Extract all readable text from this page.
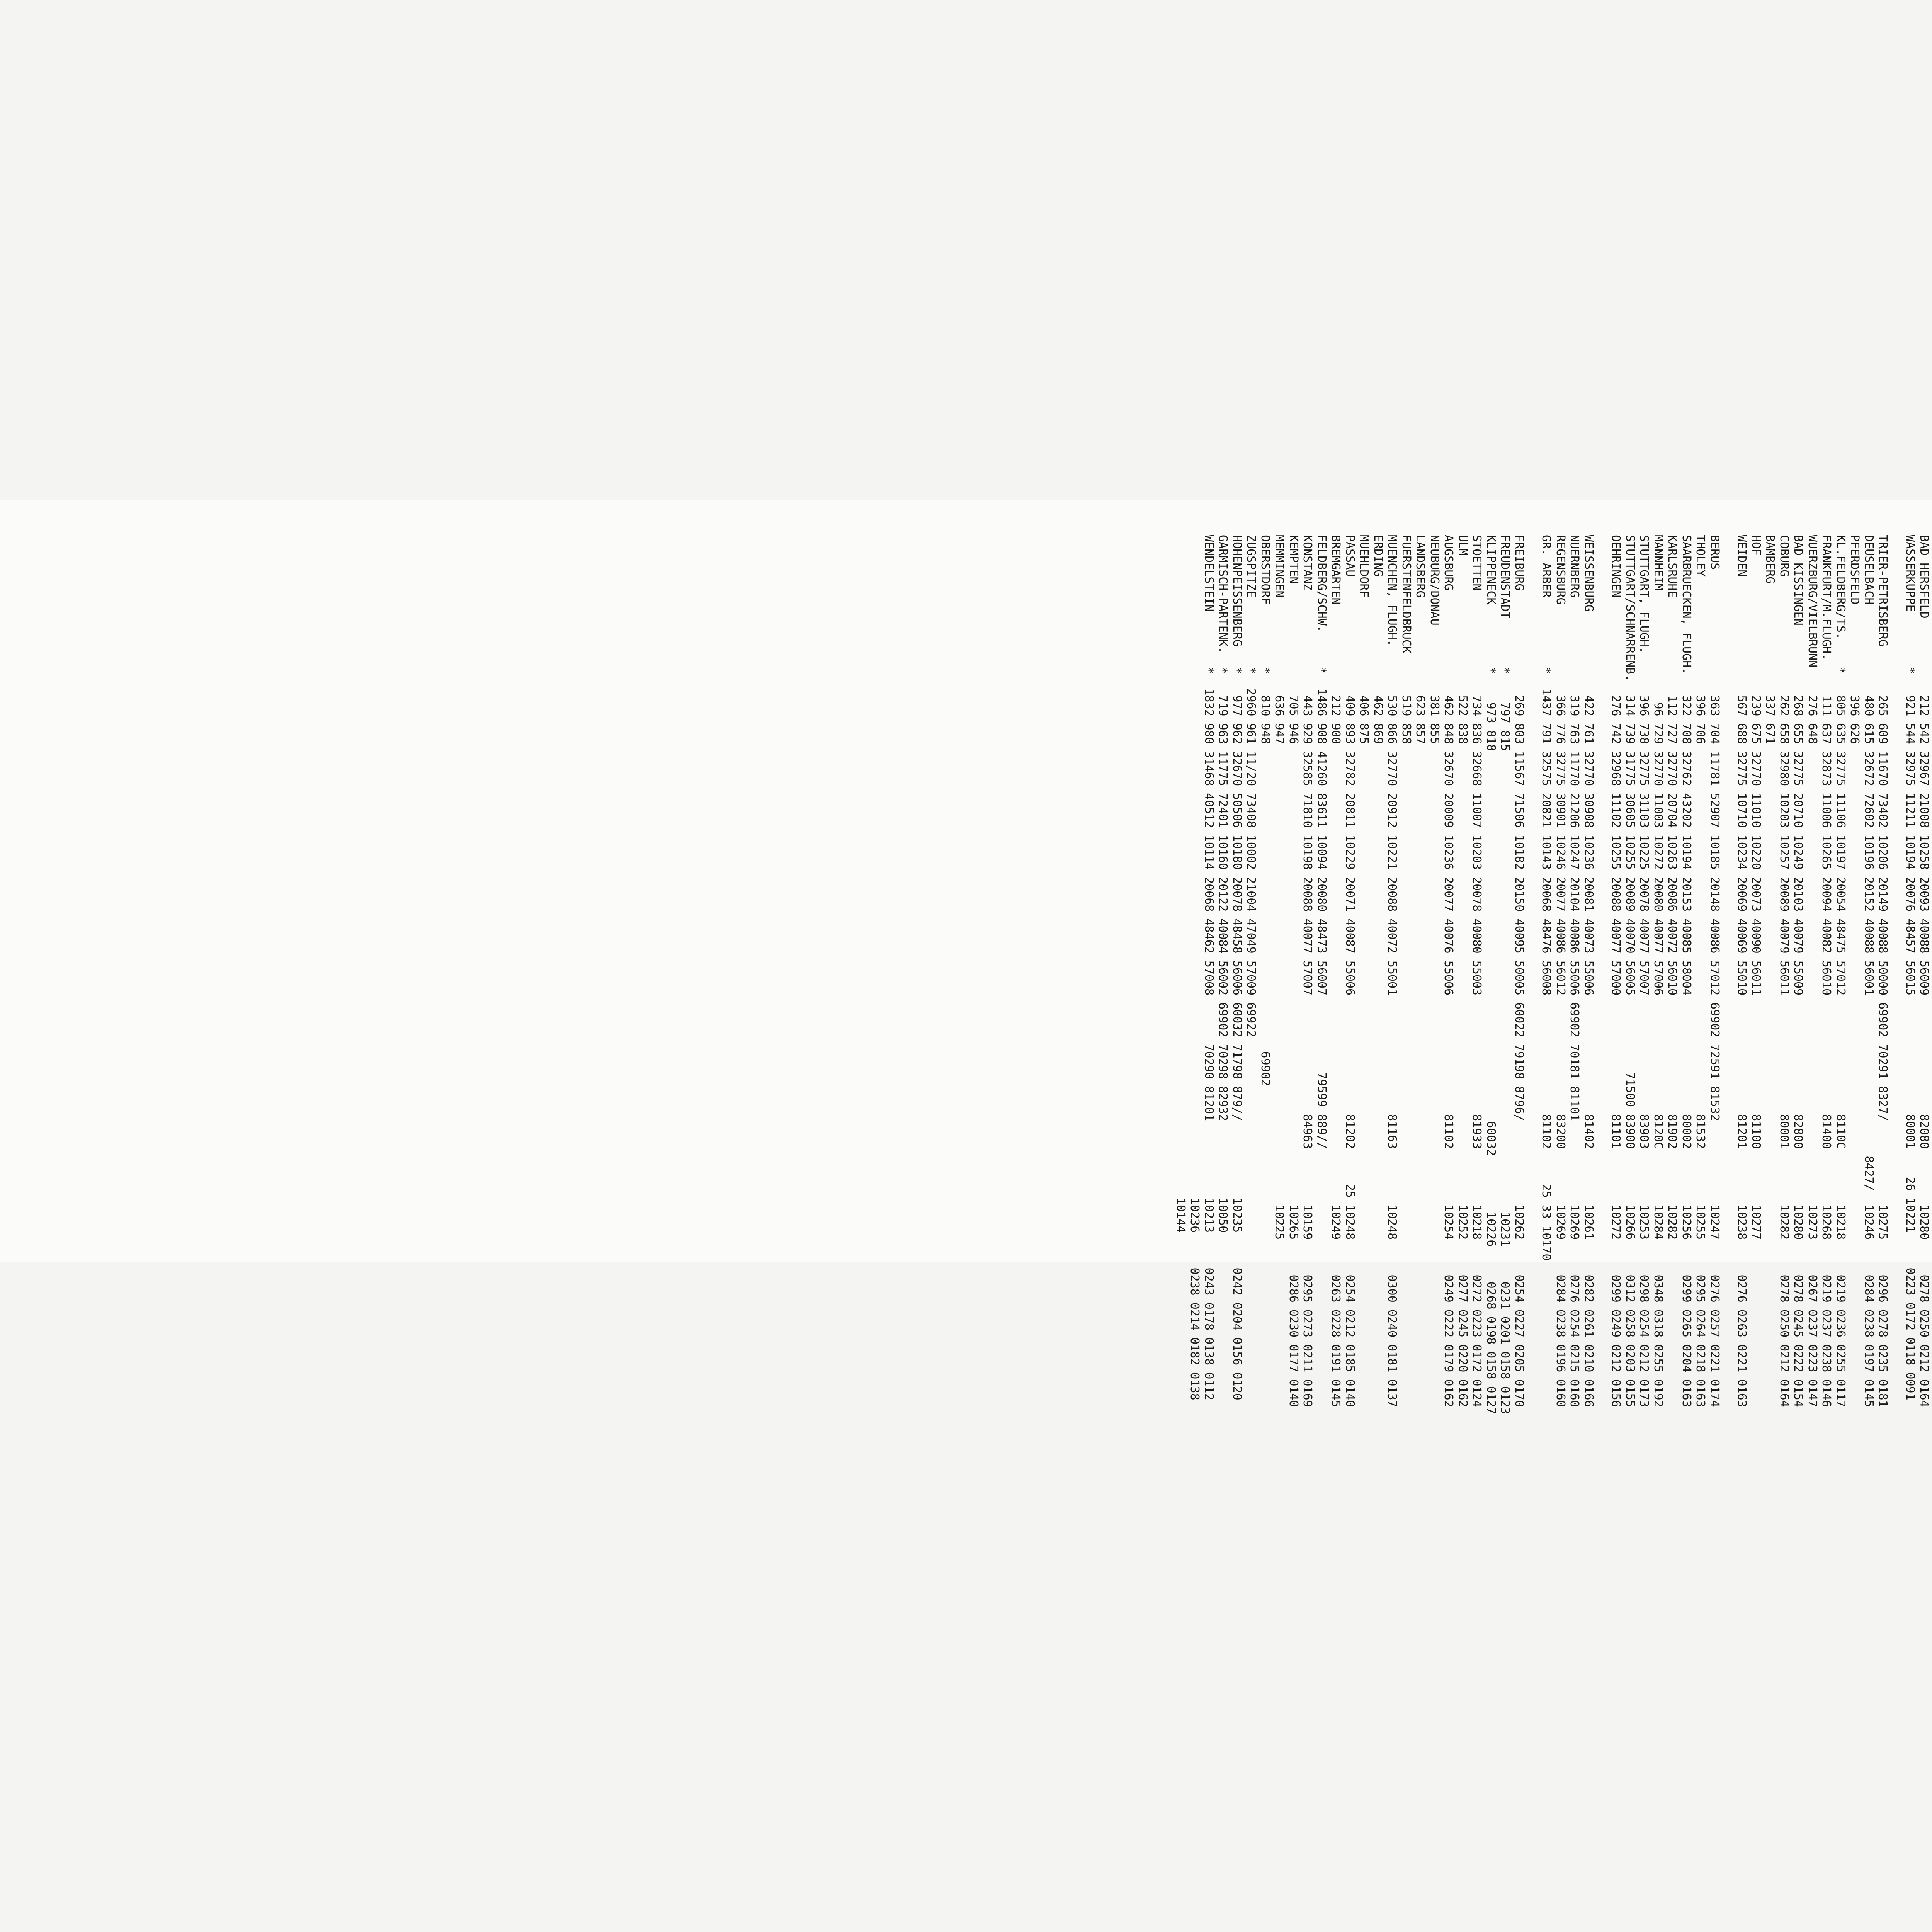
BAD HERSFELD           212 542 32967 21008 10258 20093 40088 56009                 82080        10280     0278 0250 0212 0164
WASSERKUPPE        *   921 544 32975 11211 10194 20076 48457 56015                 80001    26 10221     0223 0172 0118 0091
TRIER-PETRISBERG       265 609 11670 73402 10206 20149 40088 50000 69902 70291 8327/            10275     0296 0278 0235 0181
DEUSELBACH             480 615 32672 72602 10196 20152 40088 56001                       8427/  10246     0284 0238 0197 0145
PFERDSFELD             396 626
KL.FELDBERG/TS.    *   805 635 32775 11106 10197 20054 48475 57012                 8110C        10218     0219 0236 0255 0117
FRANKFURT/M.FLUGH.     111 637 32873 11006 10265 20094 40082 56010                 81400        10268     0219 0237 0238 0146
WUERZBURG/VIELBRUNN    276 648                                                                  10273     0267 0237 0223 0147
BAD KISSINGEN          268 655 32775 20710 10249 20103 40079 55009                 82800        10280     0278 0245 0222 0154
COBURG                 262 658 32980 10203 10257 20089 40079 56011                 80001        10282     0278 0250 0212 0164
BAMBERG                337 671
HOF                    239 675 32770 11010 10220 20073 40090 56011                 81100        10277
WEIDEN                 567 688 32775 10710 10234 20069 40069 55010                 81201        10238     0276 0263 0221 0163
BERUS                  363 704 11781 52907 10185 20148 40086 57012 69902 72591 81532            10247     0276 0257 0221 0174
THOLEY                 396 706                                                     81532        10255     0295 0264 0218 0163
SAARBRUECKEN, FLUGH.   322 708 32762 43202 10194 20153 40085 58004                 80002        10256     0299 0265 0204 0163
KARLSRUHE              112 727 32770 20704 10263 20086 40072 56010                 81902        10282
MANNHEIM                96 729 32770 11003 10272 20080 40077 57006                 8120C        10284     0348 0318 0255 0192
STUTTGART, FLUGH.      396 738 32775 31103 10225 20078 40077 57007                 83903        10253     0298 0254 0212 0173
STUTTGART/SCHNARRENB.  314 739 31775 30605 10255 20089 40070 56005           71500 83900        10266     0312 0258 0203 0155
OEHRINGEN              276 742 32968 11102 10255 20088 40077 57000                 81101        10272     0299 0249 0212 0156
WEISSENBURG            422 761 32770 30908 10236 20081 40073 55006                 81402        10261     0282 0261 0210 0166
NUERNBERG              319 763 11770 21206 10247 20104 40086 55006 69902 70181 81101            10269     0276 0254 0215 0160
REGENSBURG             366 776 32775 30901 10246 20077 40086 56012                 83200        10269     0284 0238 0196 0160
GR. ARBER          *  1437 791 32575 20821 10143 20068 48476 56008                 81102     25 33 10170
FREIBURG               269 803 11567 71506 10182 20150 40095 50005 60022 79198 8796/            10262     0254 0227 0205 0170
FREUDENSTADT       *    797 815                                                                  10231     0231 0201 0158 0123
KLIPPENECK         *    973 818                                                     60032        10226     0268 0198 0158 0127
STOETTEN               734 836 32668 11007 10203 20078 40080 55003                 81933        10218     0272 0223 0172 0124
ULM                    522 838                                                                  10252     0277 0245 0220 0162
AUGSBURG               462 848 32670 20009 10236 20077 40076 55006                 81102        10254     0249 0222 0179 0162
NEUBURG/DONAU          381 855
LANDSBERG              623 857
FUERSTENFELDBRUCK      519 858
MUENCHEN, FLUGH.       530 866 32770 20912 10221 20088 40072 55001                 81163        10248     0300 0240 0181 0137
ERDING                 462 869
MUEHLDORF              406 875
PASSAU                 409 893 32782 20811 10229 20071 40087 55006                 81202     25 10248     0254 0212 0185 0140
BREMGARTEN             212 900                                                                  10249     0263 0228 0191 0145
FELDBERG/SCHW.     *  1486 908 41260 83611 10094 20080 48473 56007           79599 889//
KONSTANZ               443 929 32585 71810 10198 20088 40077 57007                 84963        10159     0295 0273 0211 0169
KEMPTEN                705 946                                                                  10265     0286 0230 0177 0140
MEMMINGEN              636 947                                                                  10225
OBERSTDORF         *   810 948                                            69902
ZUGSPITZE          *  2960 961 11/20 73408 10002 21004 47049 57009 69922
HOHENPEISSENBERG   *   977 962 32670 50506 10180 20078 48458 56006 60032 71798 879//           10235     0242 0204 0156 0120
GARMISCH-PARTENK.  *   719 963 11775 72401 10160 20122 40084 56002 69902 70298 82932           10050
WENDELSTEIN        *  1832 980 31468 40512 10114 20068 48462 57008       70290 81201           10213     0243 0178 0138 0112
10236     0238 0214 0182 0138
10144
